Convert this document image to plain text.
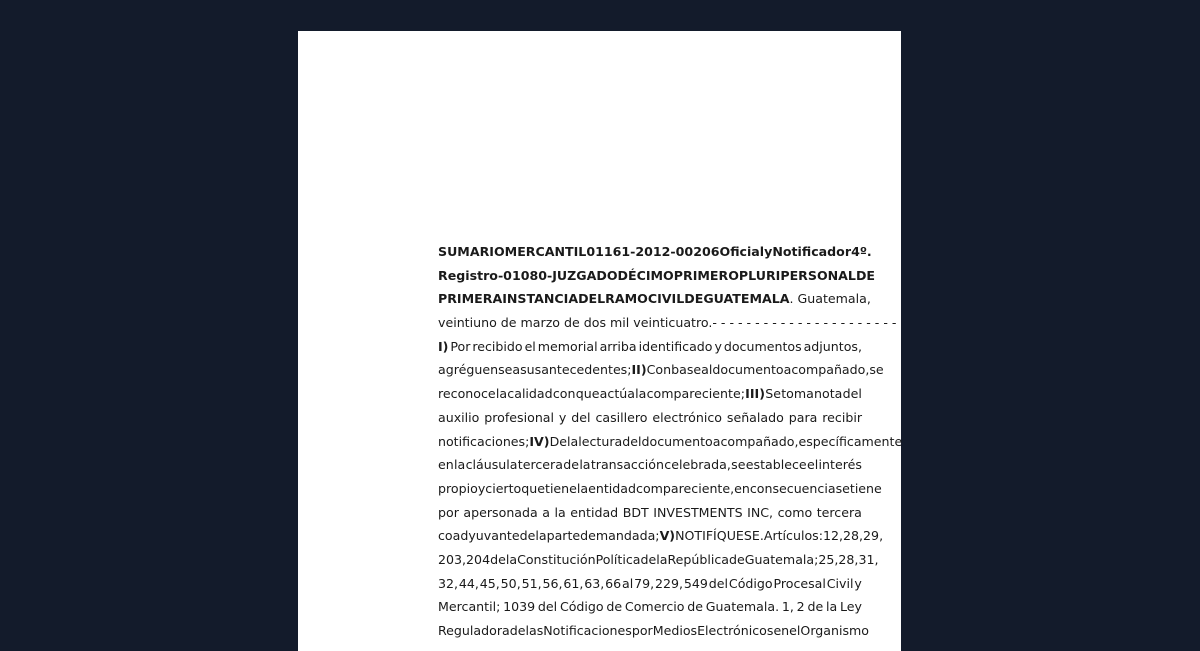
SUMARIO MERCANTIL 01161-2012-00206 Oficial y Notificador 4º.
Registro -01080- JUZGADO DÉCIMO PRIMERO PLURIPERSONAL DE
PRIMERA INSTANCIA DEL RAMO CIVIL DE GUATEMALA . Guatemala,
veintiuno de marzo de dos mil veinticuatro.- - - - - - - - - - - - - - - - - - - - - -
I) Por recibido el memorial arriba identificado y documentos adjuntos,
agréguense a sus antecedentes; II) Con base al documento acompañado, se
reconoce la calidad con que actúa la compareciente; III) Se toma nota del
auxilio profesional y del casillero electrónico señalado para recibir
notificaciones; IV) De la lectura del documento acompañado, específicamente
en la cláusula tercera de la transacción celebrada, se establece el interés
propio y cierto que tiene la entidad compareciente, en consecuencia se tiene
por apersonada a la entidad BDT INVESTMENTS INC, como tercera
coadyuvante de la parte demandada; V) NOTIFÍQUESE. Artículos: 12, 28, 29,
203, 204 de la Constitución Política de la República de Guatemala; 25, 28, 31,
32, 44, 45, 50, 51, 56, 61, 63, 66 al 79, 229, 549 del Código Procesal Civil y
Mercantil; 1039 del Código de Comercio de Guatemala. 1, 2 de la Ley
Reguladora de las Notificaciones por Medios Electrónicos en el Organismo
